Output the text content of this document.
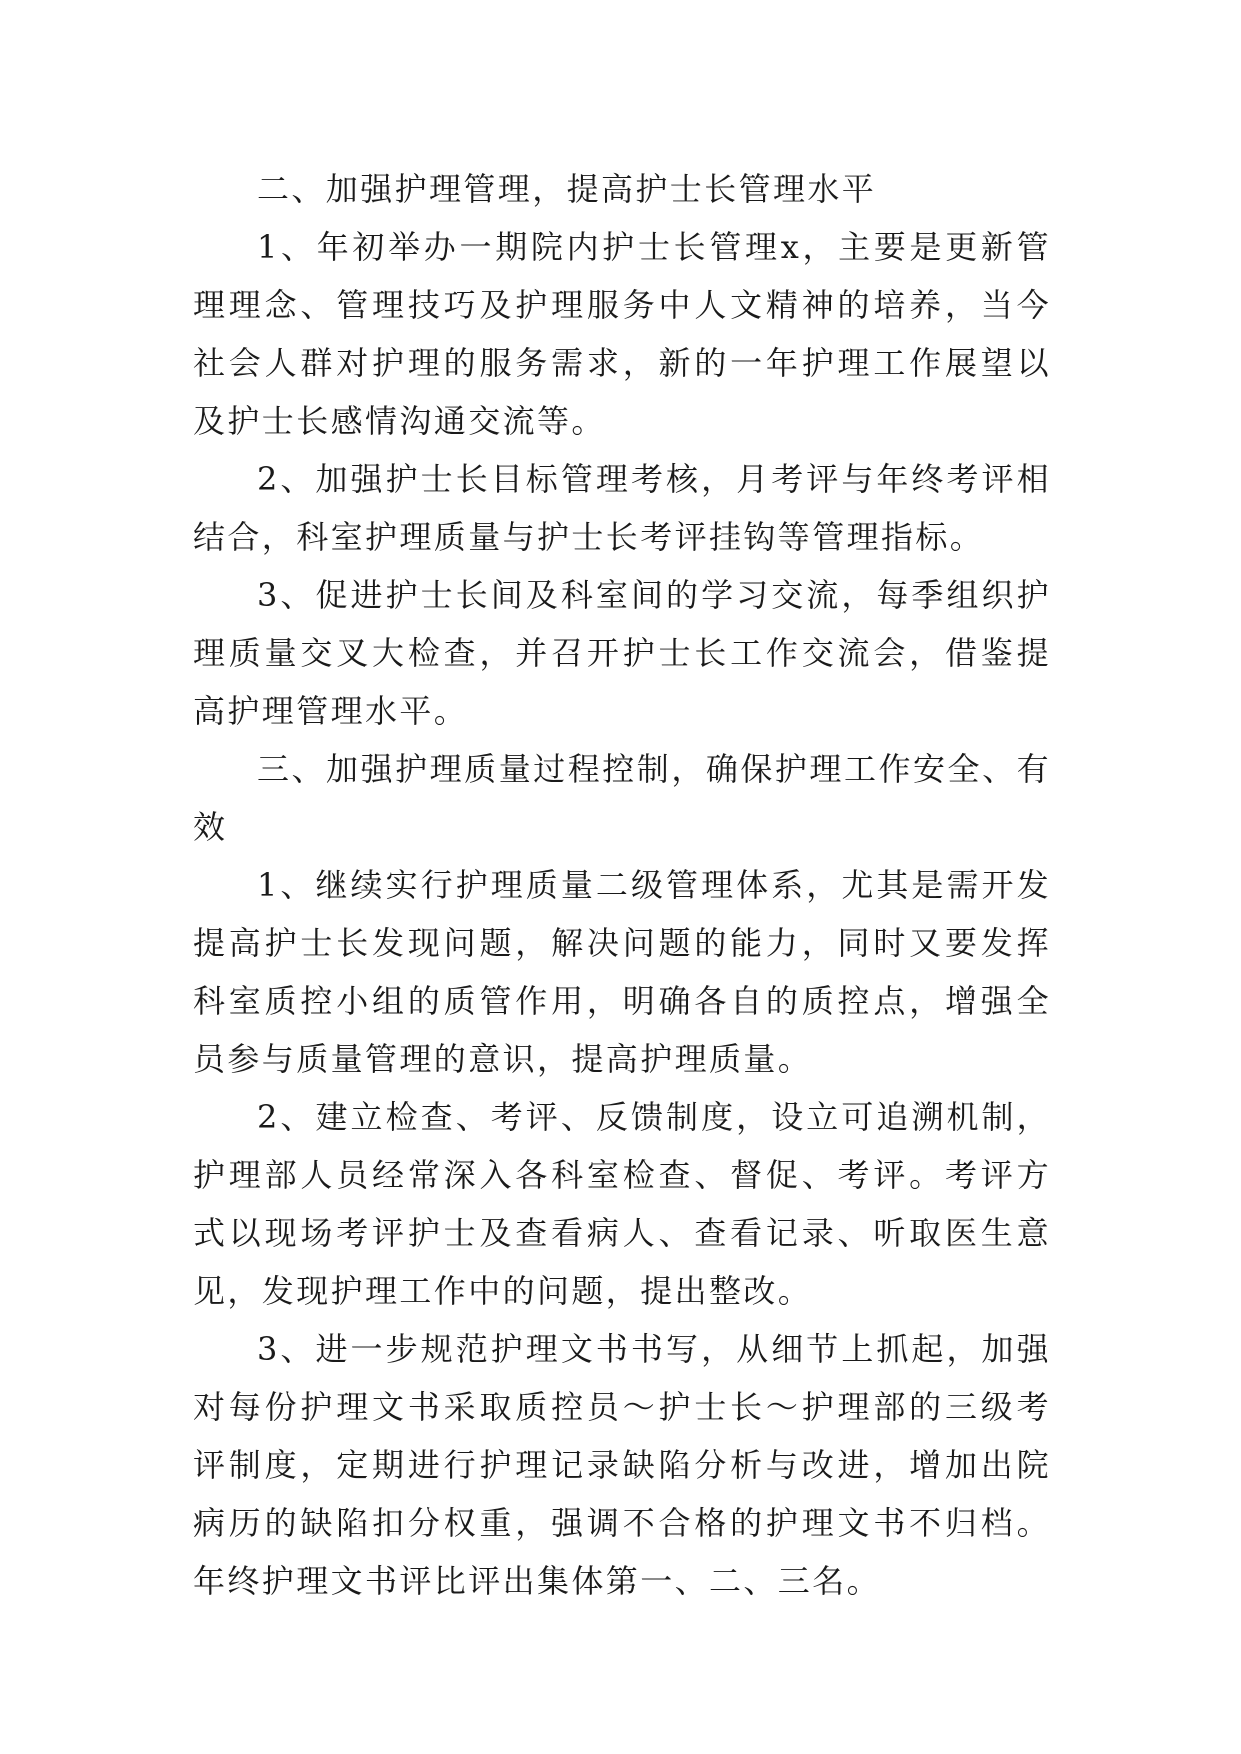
二、加强护理管理，提高护士长管理水平

1、年初举办一期院内护士长管理x，主要是更新管理理念、管理技巧及护理服务中人文精神的培养，当今社会人群对护理的服务需求，新的一年护理工作展望以及护士长感情沟通交流等。

2、加强护士长目标管理考核，月考评与年终考评相结合，科室护理质量与护士长考评挂钩等管理指标。

3、促进护士长间及科室间的学习交流，每季组织护理质量交叉大检查，并召开护士长工作交流会，借鉴提高护理管理水平。

三、加强护理质量过程控制，确保护理工作安全、有效

1、继续实行护理质量二级管理体系，尤其是需开发提高护士长发现问题，解决问题的能力，同时又要发挥科室质控小组的质管作用，明确各自的质控点，增强全员参与质量管理的意识，提高护理质量。

2、建立检查、考评、反馈制度，设立可追溯机制，护理部人员经常深入各科室检查、督促、考评。考评方式以现场考评护士及查看病人、查看记录、听取医生意见，发现护理工作中的问题，提出整改。

3、进一步规范护理文书书写，从细节上抓起，加强对每份护理文书采取质控员～护士长～护理部的三级考评制度，定期进行护理记录缺陷分析与改进，增加出院病历的缺陷扣分权重，强调不合格的护理文书不归档。年终护理文书评比评出集体第一、二、三名。
